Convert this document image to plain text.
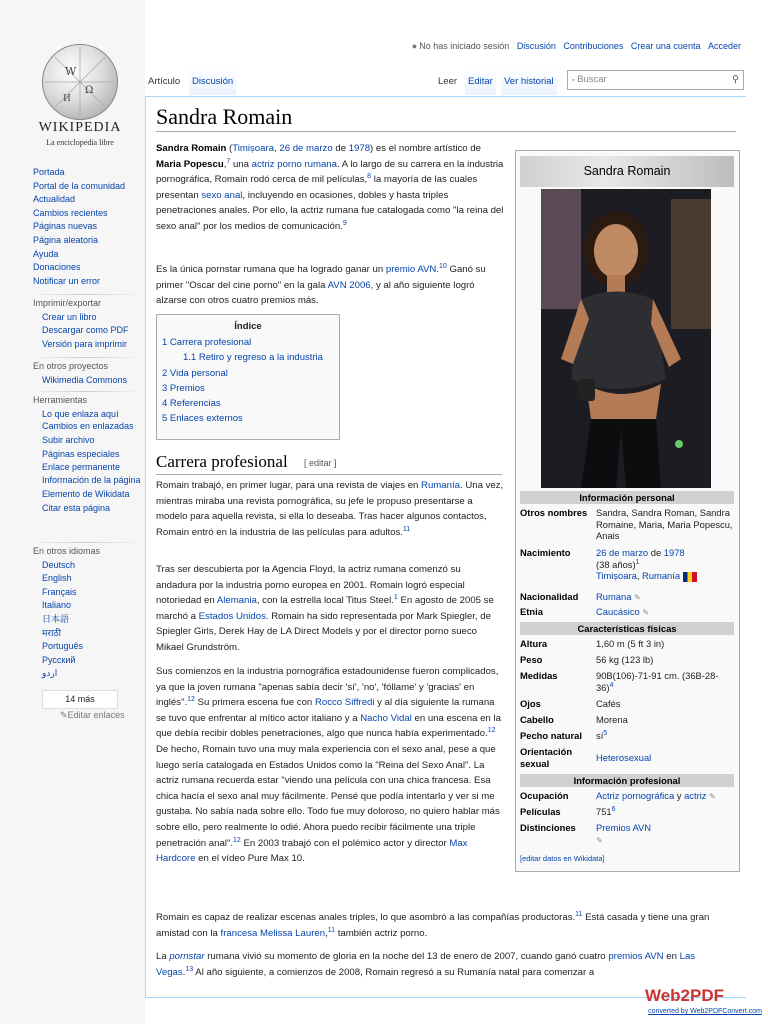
W
Ω
И
WIKIPEDIA
La enciclopedia libre
Portada
Portal de la comunidad
Actualidad
Cambios recientes
Páginas nuevas
Página aleatoria
Ayuda
Donaciones
Notificar un error
Imprimir/exportar
Crear un libro
Descargar como PDF
Versión para imprimir
En otros proyectos
Wikimedia Commons
Herramientas
Lo que enlaza aquí
Cambios en enlazadas
Subir archivo
Páginas especiales
Enlace permanente
Información de la página
Elemento de Wikidata
Citar esta página
En otros idiomas
Deutsch
English
Français
Italiano
日本語
मराठी
Português
Русский
اردو
14 más
✎Editar enlaces
● No has iniciado sesión Discusión Contribuciones Crear una cuenta Acceder
Artículo	Discusión	Leer	Editar	Ver historial	▫ Buscar	⚲
Sandra Romain
Sandra Romain (Timișoara, 26 de marzo de 1978) es el nombre artístico de Maria Popescu,$^7$ una actriz porno rumana. A lo largo de su carrera en la industria pornográfica, Romain rodó cerca de mil películas,$^8$ la mayoría de las cuales presentan sexo anal, incluyendo en ocasiones, dobles y hasta triples penetraciones anales. Por ello, la actriz rumana fue catalogada como "la reina del sexo anal" por los medios de comunicación.$^9$
Es la única pornstar rumana que ha logrado ganar un premio AVN.$^{10}$ Ganó su primer "Oscar del cine porno" en la gala AVN 2006, y al año siguiente logró alzarse con otros cuatro premios más.
Índice
1 Carrera profesional
1.1 Retiro y regreso a la industria
2 Vida personal
3 Premios
4 Referencias
5 Enlaces externos
Carrera profesional [ editar ]
Romain trabajó, en primer lugar, para una revista de viajes en Rumanía. Una vez, mientras miraba una revista pornográfica, su jefe le propuso presentarse a modelo para aquella revista, si ella lo deseaba. Tras hacer algunos contactos, Romain entró en la industria de las películas para adultos.$^{11}$
Tras ser descubierta por la Agencia Floyd, la actriz rumana comenzó su andadura por la industria porno europea en 2001. Romain logró especial notoriedad en Alemania, con la estrella local Titus Steel.$^1$ En agosto de 2005 se marchó a Estados Unidos. Romain ha sido representada por Mark Spiegler, de Spiegler Girls, Derek Hay de LA Direct Models y por el director porno sueco Mikael Grundström.
Sus comienzos en la industria pornográfica estadounidense fueron complicados, ya que la joven rumana "apenas sabía decir 'sí', 'no', 'fóllame' y 'gracias' en inglés".$^{12}$ Su primera escena fue con Rocco Siffredi y al día siguiente la rumana se tuvo que enfrentar al mítico actor italiano y a Nacho Vidal en una escena en la que debía recibir dobles penetraciones, algo que nunca había experimentado.$^{12}$ De hecho, Romain tuvo una muy mala experiencia con el sexo anal, pese a que luego sería catalogada en Estados Unidos como la "Reina del Sexo Anal". La actriz rumana recuerda estar "viendo una película con una chica francesa. Esa chica hacía el sexo anal muy fácilmente. Pensé que podía intentarlo y ver si me gustaba. No sabía nada sobre ello. Todo fue muy doloroso, no quiero hablar más sobre ello, pero realmente lo odié. Ahora puedo recibir fácilmente una triple penetración anal".$^{12}$ En 2003 trabajó con el polémico actor y director Max Hardcore en el vídeo Pure Max 10.
Romain es capaz de realizar escenas anales triples, lo que asombró a las compañías productoras.$^{11}$ Está casada y tiene una gran amistad con la francesa Melissa Lauren,$^{11}$ también actriz porno.
La pornstar rumana vivió su momento de gloria en la noche del 13 de enero de 2007, cuando ganó cuatro premios AVN en Las Vegas.$^{13}$ Al año siguiente, a comienzos de 2008, Romain regresó a su Rumanía natal para comenzar a
Sandra Romain
Información personal
Otros nombres Sandra, Sandra Roman, Sandra Romaine, Maria, Maria Popescu, Anais
Nacimiento	26 de marzo de 1978
(38 años)$^1$
Timișoara, Rumanía
Nacionalidad	Rumana ✎
Etnia	Caucásico ✎
Características físicas
Altura	1,60 m (5 ft 3 in)
Peso	56 kg (123 lb)
Medidas	90B(106)-71-91 cm. $(36B-28-36)^4$
Ojos	Cafés
Cabello	Morena
Pecho natural	$sí^5$
Orientación sexual	Heterosexual
Información profesional
Ocupación	Actriz pornográfica y actriz ✎
Películas	$751^6$
Distinciones	Premios AVN
✎
[editar datos en Wikidata]
Web2PDF
converted by Web2PDFConvert.com
